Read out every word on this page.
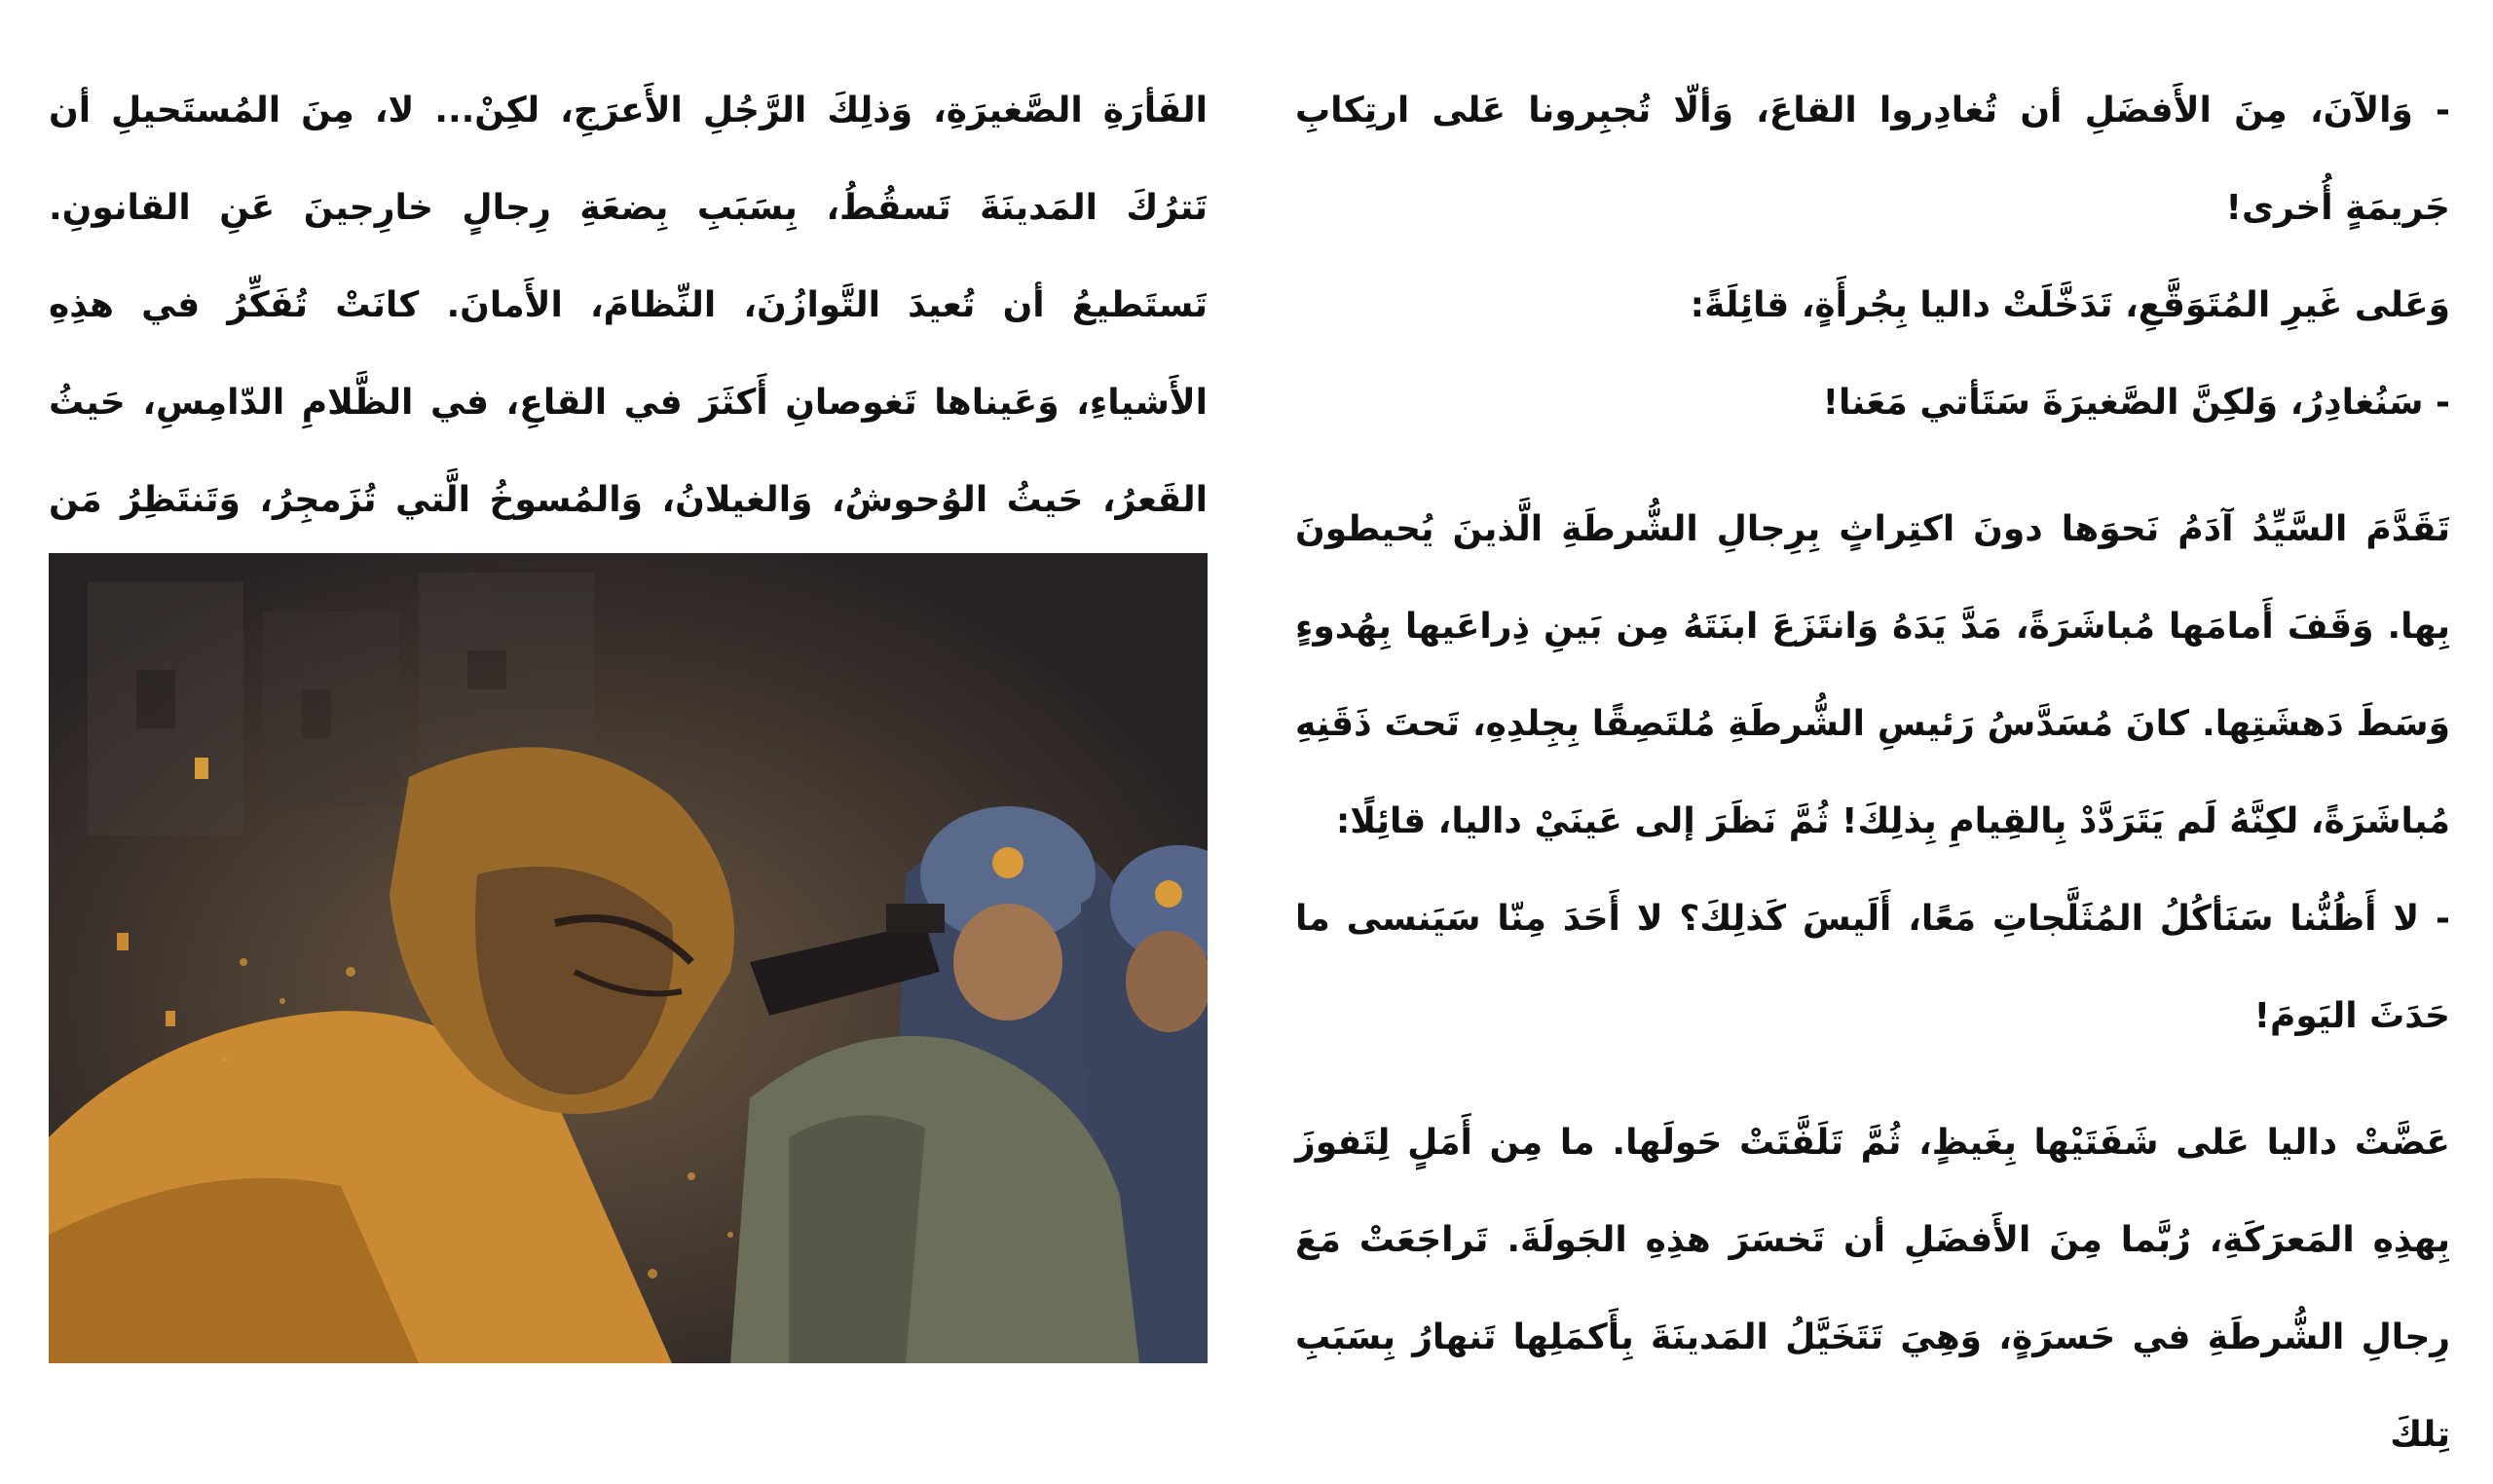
- وَالآنَ، مِنَ الأَفضَلِ أن تُغادِروا القاعَ، وَألّا تُجبِرونا عَلى ارتِكابِ جَريمَةٍ أُخرى!

وَعَلى غَيرِ المُتَوَقَّعِ، تَدَخَّلَتْ داليا بِجُرأَةٍ، قائِلَةً:

- سَنُغادِرُ، وَلكِنَّ الصَّغيرَةَ سَتَأتي مَعَنا!

تَقَدَّمَ السَّيِّدُ آدَمُ نَحوَها دونَ اكتِراثٍ بِرِجالِ الشُّرطَةِ الَّذينَ يُحيطونَ بِها. وَقَفَ أَمامَها مُباشَرَةً، مَدَّ يَدَهُ وَانتَزَعَ ابنَتَهُ مِن بَينِ ذِراعَيها بِهُدوءٍ وَسَطَ دَهشَتِها. كانَ مُسَدَّسُ رَئيسِ الشُّرطَةِ مُلتَصِقًا بِجِلدِهِ، تَحتَ ذَقَنِهِ مُباشَرَةً، لكِنَّهُ لَم يَتَرَدَّدْ بِالقِيامِ بِذلِكَ! ثُمَّ نَظَرَ إلى عَينَيْ داليا، قائِلًا:

- لا أَظُنُّنا سَنَأكُلُ المُثَلَّجاتِ مَعًا، أَلَيسَ كَذلِكَ؟ لا أَحَدَ مِنّا سَيَنسى ما حَدَثَ اليَومَ!

عَضَّتْ داليا عَلى شَفَتَيْها بِغَيظٍ، ثُمَّ تَلَفَّتَتْ حَولَها. ما مِن أَمَلٍ لِتَفوزَ بِهذِهِ المَعرَكَةِ، رُبَّما مِنَ الأَفضَلِ أن تَخسَرَ هذِهِ الجَولَةَ. تَراجَعَتْ مَعَ رِجالِ الشُّرطَةِ في حَسرَةٍ، وَهِيَ تَتَخَيَّلُ المَدينَةَ بِأَكمَلِها تَنهارُ بِسَبَبِ تِلكَ

الفَأرَةِ الصَّغيرَةِ، وَذلِكَ الرَّجُلِ الأَعرَجِ، لكِنْ... لا، مِنَ المُستَحيلِ أن تَترُكَ المَدينَةَ تَسقُطُ، بِسَبَبِ بِضعَةِ رِجالٍ خارِجينَ عَنِ القانونِ. تَستَطيعُ أن تُعيدَ التَّوازُنَ، النِّظامَ، الأَمانَ. كانَتْ تُفَكِّرُ في هذِهِ الأَشياءِ، وَعَيناها تَغوصانِ أَكثَرَ في القاعِ، في الظَّلامِ الدّامِسِ، حَيثُ القَعرُ، حَيثُ الوُحوشُ، وَالغيلانُ، وَالمُسوخُ الَّتي تُزَمجِرُ، وَتَنتَظِرُ مَن
